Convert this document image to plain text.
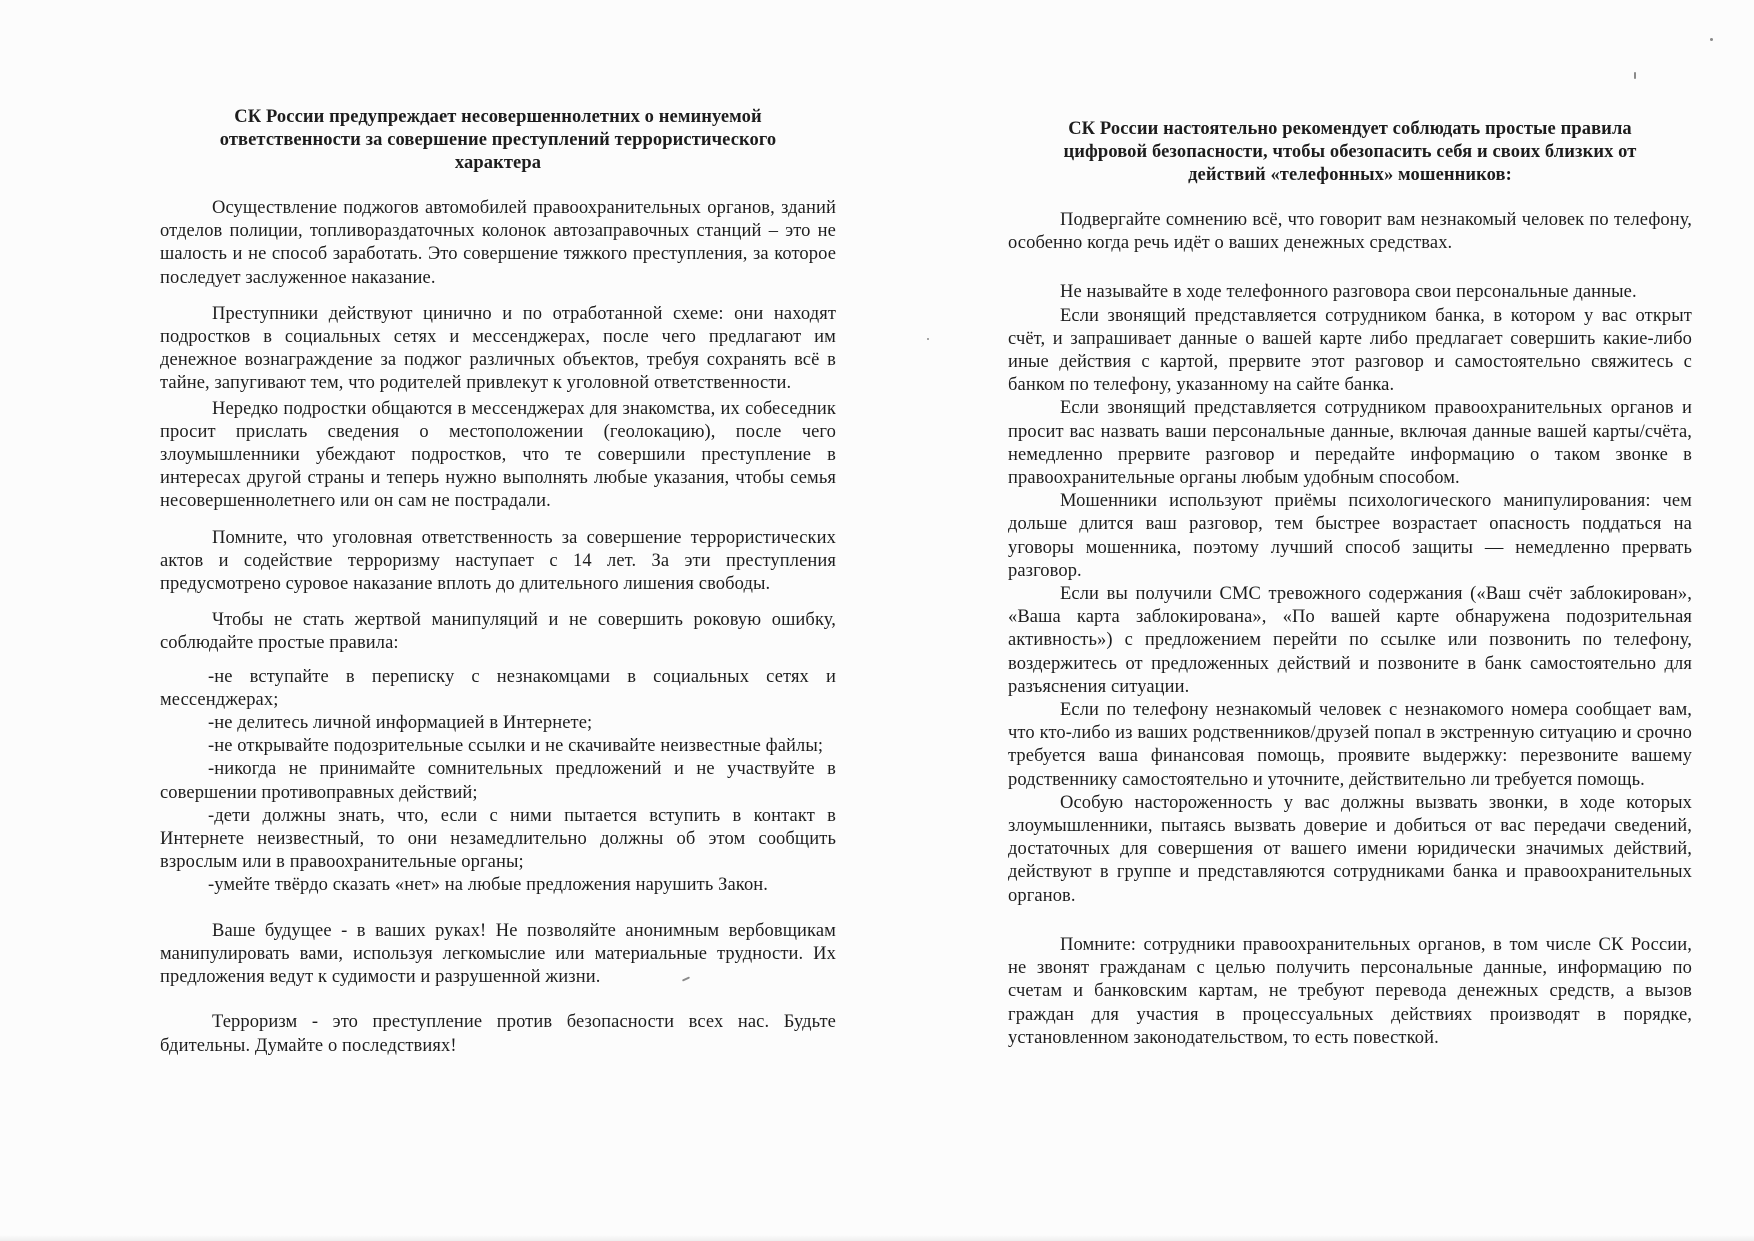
СК России предупреждает несовершеннолетних о неминуемой ответственности за совершение преступлений террористического характера

Осуществление поджогов автомобилей правоохранительных органов, зданий отделов полиции, топливораздаточных колонок автозаправочных станций – это не шалость и не способ заработать. Это совершение тяжкого преступления, за которое последует заслуженное наказание.

Преступники действуют цинично и по отработанной схеме: они находят подростков в социальных сетях и мессенджерах, после чего предлагают им денежное вознаграждение за поджог различных объектов, требуя сохранять всё в тайне, запугивают тем, что родителей привлекут к уголовной ответственности.

Нередко подростки общаются в мессенджерах для знакомства, их собеседник просит прислать сведения о местоположении (геолокацию), после чего злоумышленники убеждают подростков, что те совершили преступление в интересах другой страны и теперь нужно выполнять любые указания, чтобы семья несовершеннолетнего или он сам не пострадали.

Помните, что уголовная ответственность за совершение террористических актов и содействие терроризму наступает с 14 лет. За эти преступления предусмотрено суровое наказание вплоть до длительного лишения свободы.

Чтобы не стать жертвой манипуляций и не совершить роковую ошибку, соблюдайте простые правила:

-не вступайте в переписку с незнакомцами в социальных сетях и мессенджерах;

-не делитесь личной информацией в Интернете;

-не открывайте подозрительные ссылки и не скачивайте неизвестные файлы;

-никогда не принимайте сомнительных предложений и не участвуйте в совершении противоправных действий;

-дети должны знать, что, если с ними пытается вступить в контакт в Интернете неизвестный, то они незамедлительно должны об этом сообщить взрослым или в правоохранительные органы;

-умейте твёрдо сказать «нет» на любые предложения нарушить Закон.

Ваше будущее - в ваших руках! Не позволяйте анонимным вербовщикам манипулировать вами, используя легкомыслие или материальные трудности. Их предложения ведут к судимости и разрушенной жизни.

Терроризм - это преступление против безопасности всех нас. Будьте бдительны. Думайте о последствиях!

СК России настоятельно рекомендует соблюдать простые правила цифровой безопасности, чтобы обезопасить себя и своих близких от действий «телефонных» мошенников:

Подвергайте сомнению всё, что говорит вам незнакомый человек по телефону, особенно когда речь идёт о ваших денежных средствах.

Не называйте в ходе телефонного разговора свои персональные данные.

Если звонящий представляется сотрудником банка, в котором у вас открыт счёт, и запрашивает данные о вашей карте либо предлагает совершить какие-либо иные действия с картой, прервите этот разговор и самостоятельно свяжитесь с банком по телефону, указанному на сайте банка.

Если звонящий представляется сотрудником правоохранительных органов и просит вас назвать ваши персональные данные, включая данные вашей карты/счёта, немедленно прервите разговор и передайте информацию о таком звонке в правоохранительные органы любым удобным способом.

Мошенники используют приёмы психологического манипулирования: чем дольше длится ваш разговор, тем быстрее возрастает опасность поддаться на уговоры мошенника, поэтому лучший способ защиты — немедленно прервать разговор.

Если вы получили СМС тревожного содержания («Ваш счёт заблокирован», «Ваша карта заблокирована», «По вашей карте обнаружена подозрительная активность») с предложением перейти по ссылке или позвонить по телефону, воздержитесь от предложенных действий и позвоните в банк самостоятельно для разъяснения ситуации.

Если по телефону незнакомый человек с незнакомого номера сообщает вам, что кто-либо из ваших родственников/друзей попал в экстренную ситуацию и срочно требуется ваша финансовая помощь, проявите выдержку: перезвоните вашему родственнику самостоятельно и уточните, действительно ли требуется помощь.

Особую настороженность у вас должны вызвать звонки, в ходе которых злоумышленники, пытаясь вызвать доверие и добиться от вас передачи сведений, достаточных для совершения от вашего имени юридически значимых действий, действуют в группе и представляются сотрудниками банка и правоохранительных органов.

Помните: сотрудники правоохранительных органов, в том числе СК России, не звонят гражданам с целью получить персональные данные, информацию по счетам и банковским картам, не требуют перевода денежных средств, а вызов граждан для участия в процессуальных действиях производят в порядке, установленном законодательством, то есть повесткой.
